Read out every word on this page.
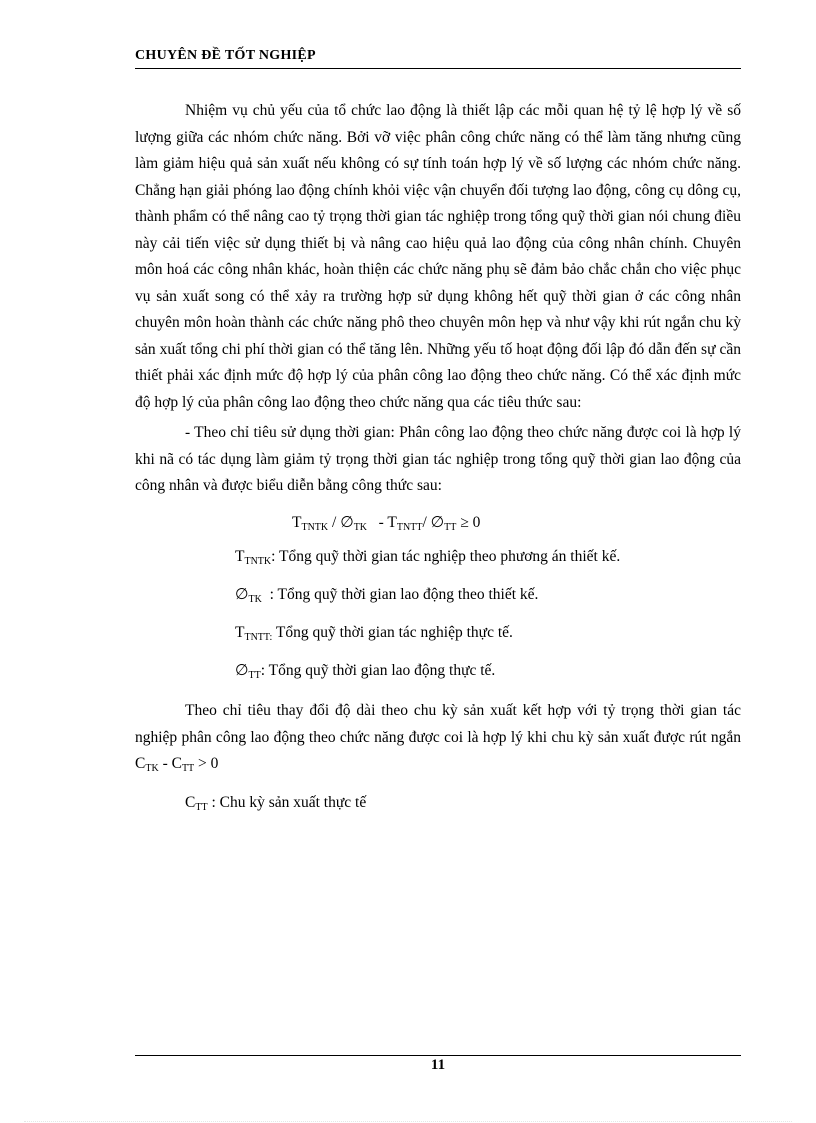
CHUYÊN ĐỀ TỐT NGHIỆP

Nhiệm vụ chủ yếu của tổ chức lao động là thiết lập các mỗi quan hệ tỷ lệ hợp lý về số lượng giữa các nhóm chức năng. Bởi vỡ việc phân công chức năng có thể làm tăng nhưng cũng làm giảm hiệu quả sản xuất nếu không có sự tính toán hợp lý về số lượng các nhóm chức năng. Chẳng hạn giải phóng lao động chính khỏi việc vận chuyển đối tượng lao động, công cụ dông cụ, thành phẩm có thể nâng cao tỷ trọng thời gian tác nghiệp trong tổng quỹ thời gian nói chung điều này cải tiến việc sử dụng thiết bị và nâng cao hiệu quả lao động của công nhân chính. Chuyên môn hoá các công nhân khác, hoàn thiện các chức năng phụ sẽ đảm bảo chắc chắn cho việc phục vụ sản xuất song có thể xảy ra trường hợp sử dụng không hết quỹ thời gian ở các công nhân chuyên môn hoàn thành các chức năng phô theo chuyên môn hẹp và như vậy khi rút ngắn chu kỳ sản xuất tổng chi phí thời gian có thể tăng lên. Những yếu tố hoạt động đối lập đó dẫn đến sự cần thiết phải xác định mức độ hợp lý của phân công lao động theo chức năng. Có thể xác định mức độ hợp lý của phân công lao động theo chức năng qua các tiêu thức sau:

- Theo chỉ tiêu sử dụng thời gian: Phân công lao động theo chức năng được coi là hợp lý khi nã có tác dụng làm giảm tỷ trọng thời gian tác nghiệp trong tổng quỹ thời gian lao động của công nhân và được biểu diễn bằng công thức sau:

$T_{TNTK}$ / $\emptyset_{TK} - T_{TNTT}/$ $\emptyset_{TT} \ge 0$

$T_{TNTK}$: Tổng quỹ thời gian tác nghiệp theo phương án thiết kế.

$\emptyset_{TK}$  : Tổng quỹ thời gian lao động theo thiết kế.

$T_{TNTT:}$ Tổng quỹ thời gian tác nghiệp thực tế.

$\emptyset_{TT}$: Tổng quỹ thời gian lao động thực tế.

Theo chỉ tiêu thay đổi độ dài theo chu kỳ sản xuất kết hợp với tỷ trọng thời gian tác nghiệp phân công lao động theo chức năng được coi là hợp lý khi chu kỳ sản xuất được rút ngắn $C_{TK} - C_{TT} > 0$

$C_{TT}$ : Chu kỳ sản xuất thực tế

11
